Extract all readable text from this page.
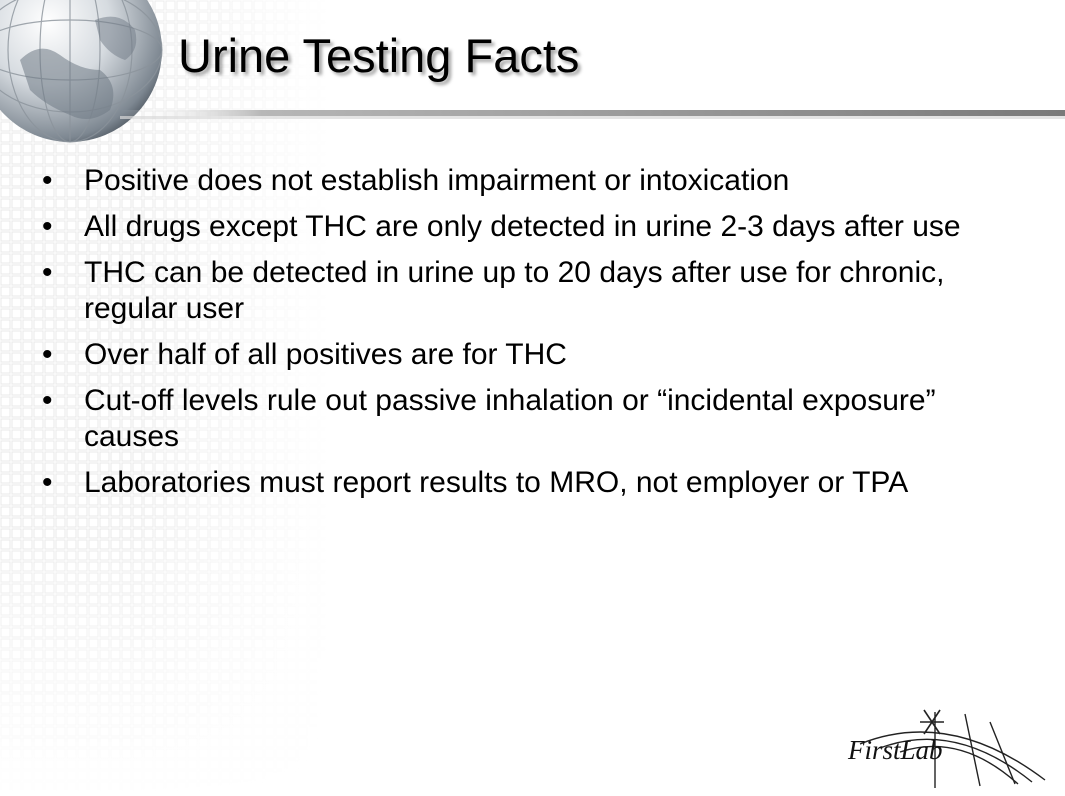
Urine Testing Facts
• Positive does not establish impairment or intoxication
• All drugs except THC are only detected in urine 2-3 days after use
• THC can be detected in urine up to 20 days after use for chronic, regular user
• Over half of all positives are for THC
• Cut-off levels rule out passive inhalation or “incidental exposure” causes
• Laboratories must report results to MRO, not employer or TPA
FirstLab
